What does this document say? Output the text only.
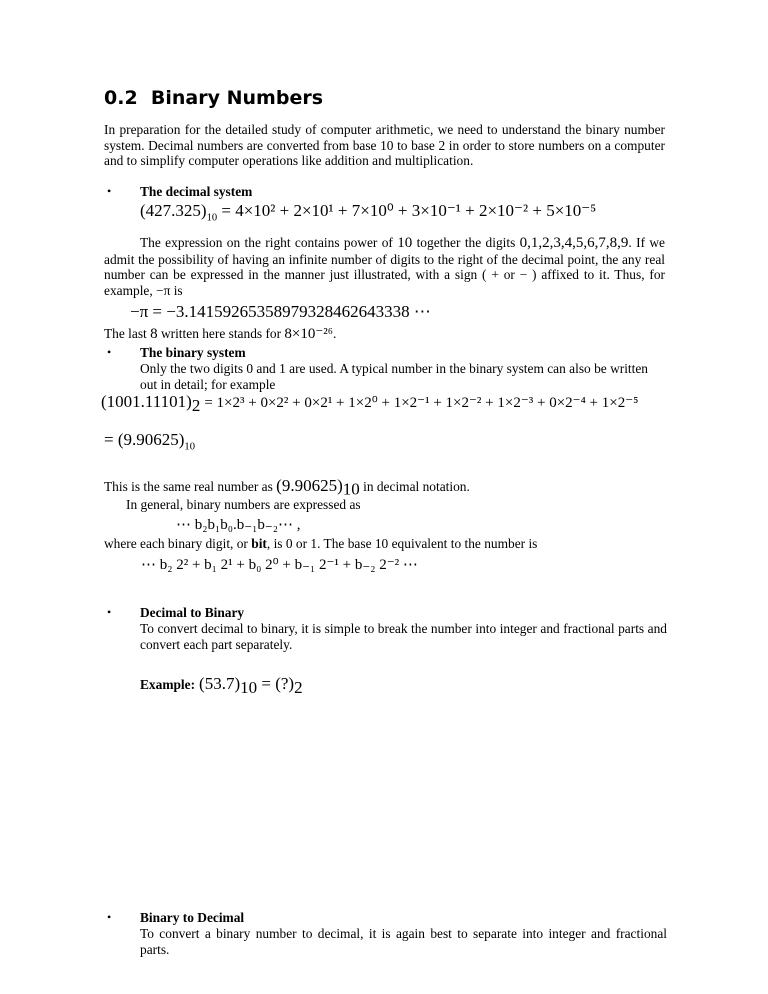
0.2 Binary Numbers
In preparation for the detailed study of computer arithmetic, we need to understand the binary number system. Decimal numbers are converted from base 10 to base 2 in order to store numbers on a computer and to simplify computer operations like addition and multiplication.
• The decimal system
$(427.325)_{10} = 4\times 10^2 + 2\times 10^1 + 7\times 10^0 + 3\times 10^{-1} + 2\times 10^{-2} + 5\times 10^{-5}$
The expression on the right contains power of 10 together the digits 0,1,2,3,4,5,6,7,8,9. If we admit the possibility of having an infinite number of digits to the right of the decimal point, the any real number can be expressed in the manner just illustrated, with a sign ( + or − ) affixed to it. Thus, for example, −π is
−π = −3.14159265358979328462643338 ⋯
The last 8 written here stands for 8×10⁻²⁶.
• The binary system
Only the two digits 0 and 1 are used. A typical number in the binary system can also be written
out in detail; for example
$(1001.11101)_2 = 1\times 2^3 + 0\times 2^2 + 0\times 2^1 + 1\times 2^0 + 1\times 2^{-1} + 1\times 2^{-2} + 1\times 2^{-3} + 0\times 2^{-4} + 1\times 2^{-5}$
= $(9.90625)_{10}$
This is the same real number as $(9.90625)_{10}$ in decimal notation.
In general, binary numbers are expressed as
⋯ b₂b₁b₀.b₋₁b₋₂⋯ ,
where each binary digit, or bit, is 0 or 1. The base 10 equivalent to the number is
⋯ b₂ 2² + b₁ 2¹ + b₀ 2⁰ + b₋₁ 2⁻¹ + b₋₂ 2⁻² ⋯
• Decimal to Binary
To convert decimal to binary, it is simple to break the number into integer and fractional parts and convert each part separately.
Example: $(53.7)_{10}$ = $(?)_2$
• Binary to Decimal
To convert a binary number to decimal, it is again best to separate into integer and fractional parts.
